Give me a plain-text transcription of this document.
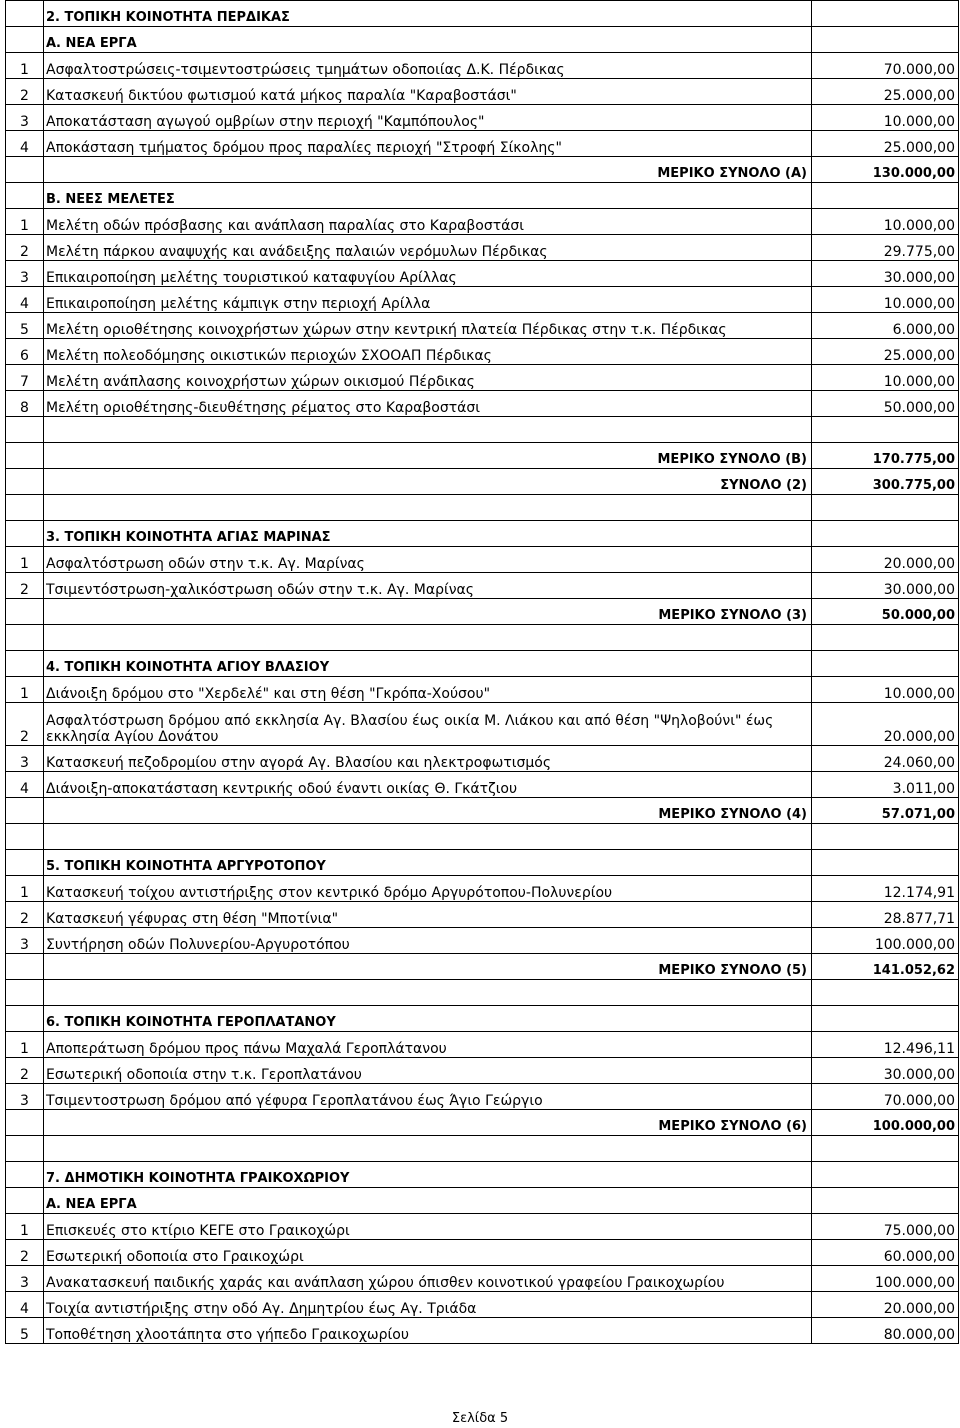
	2. ΤΟΠΙΚΗ ΚΟΙΝΟΤΗΤΑ ΠΕΡΔΙΚΑΣ	
	Α. ΝΕΑ ΕΡΓΑ	
1	Ασφαλτοστρώσεις-τσιμεντοστρώσεις τμημάτων οδοποιίας Δ.Κ. Πέρδικας	70.000,00
2	Κατασκευή δικτύου φωτισμού κατά μήκος παραλία "Καραβοστάσι"	25.000,00
3	Αποκατάσταση αγωγού ομβρίων στην περιοχή "Καμπόπουλος"	10.000,00
4	Αποκάσταση τμήματος δρόμου προς παραλίες περιοχή "Στροφή Σίκολης"	25.000,00
	ΜΕΡΙΚΟ ΣΥΝΟΛΟ (Α)	130.000,00
	Β. ΝΕΕΣ ΜΕΛΕΤΕΣ	
1	Μελέτη οδών πρόσβασης και ανάπλαση παραλίας στο Καραβοστάσι	10.000,00
2	Μελέτη πάρκου αναψυχής και ανάδειξης παλαιών νερόμυλων Πέρδικας	29.775,00
3	Επικαιροποίηση μελέτης τουριστικού καταφυγίου Αρίλλας	30.000,00
4	Επικαιροποίηση μελέτης κάμπιγκ στην περιοχή Αρίλλα	10.000,00
5	Μελέτη οριοθέτησης κοινοχρήστων χώρων στην κεντρική πλατεία Πέρδικας στην τ.κ. Πέρδικας	6.000,00
6	Μελέτη πολεοδόμησης οικιστικών περιοχών ΣΧΟΟΑΠ Πέρδικας	25.000,00
7	Μελέτη ανάπλασης κοινοχρήστων χώρων οικισμού Πέρδικας	10.000,00
8	Μελέτη οριοθέτησης-διευθέτησης ρέματος στο Καραβοστάσι	50.000,00

	ΜΕΡΙΚΟ ΣΥΝΟΛΟ (Β)	170.775,00
	ΣΥΝΟΛΟ (2)	300.775,00

	3. ΤΟΠΙΚΗ ΚΟΙΝΟΤΗΤΑ ΑΓΙΑΣ ΜΑΡΙΝΑΣ	
1	Ασφαλτόστρωση οδών στην τ.κ. Αγ. Μαρίνας	20.000,00
2	Τσιμεντόστρωση-χαλικόστρωση οδών στην τ.κ. Αγ. Μαρίνας	30.000,00
	ΜΕΡΙΚΟ ΣΥΝΟΛΟ (3)	50.000,00

	4. ΤΟΠΙΚΗ ΚΟΙΝΟΤΗΤΑ ΑΓΙΟΥ ΒΛΑΣΙΟΥ	
1	Διάνοιξη δρόμου στο "Χερδελέ" και στη θέση "Γκρόπα-Χούσου"	10.000,00
2	Ασφαλτόστρωση δρόμου από εκκλησία Αγ. Βλασίου έως οικία Μ. Λιάκου και από θέση "Ψηλοβούνι" έως εκκλησία Αγίου Δονάτου	20.000,00
3	Κατασκευή πεζοδρομίου στην αγορά Αγ. Βλασίου και ηλεκτροφωτισμός	24.060,00
4	Διάνοιξη-αποκατάσταση κεντρικής οδού έναντι οικίας Θ. Γκάτζιου	3.011,00
	ΜΕΡΙΚΟ ΣΥΝΟΛΟ (4)	57.071,00

	5. ΤΟΠΙΚΗ ΚΟΙΝΟΤΗΤΑ ΑΡΓΥΡΟΤΟΠΟΥ	
1	Κατασκευή τοίχου αντιστήριξης στον κεντρικό δρόμο Αργυρότοπου-Πολυνερίου	12.174,91
2	Κατασκευή γέφυρας στη θέση "Μποτίνια"	28.877,71
3	Συντήρηση οδών Πολυνερίου-Αργυροτόπου	100.000,00
	ΜΕΡΙΚΟ ΣΥΝΟΛΟ (5)	141.052,62

	6. ΤΟΠΙΚΗ ΚΟΙΝΟΤΗΤΑ ΓΕΡΟΠΛΑΤΑΝΟΥ	
1	Αποπεράτωση δρόμου προς πάνω Μαχαλά Γεροπλάτανου	12.496,11
2	Εσωτερική οδοποιία στην τ.κ. Γεροπλατάνου	30.000,00
3	Τσιμεντοστρωση δρόμου από γέφυρα Γεροπλατάνου έως Άγιο Γεώργιο	70.000,00
	ΜΕΡΙΚΟ ΣΥΝΟΛΟ (6)	100.000,00

	7. ΔΗΜΟΤΙΚΗ ΚΟΙΝΟΤΗΤΑ ΓΡΑΙΚΟΧΩΡΙΟΥ	
	Α. ΝΕΑ ΕΡΓΑ	
1	Επισκευές στο κτίριο ΚΕΓΕ στο Γραικοχώρι	75.000,00
2	Εσωτερική οδοποιία στο Γραικοχώρι	60.000,00
3	Ανακατασκευή παιδικής χαράς και ανάπλαση χώρου όπισθεν κοινοτικού γραφείου Γραικοχωρίου	100.000,00
4	Τοιχία αντιστήριξης στην οδό Αγ. Δημητρίου έως Αγ. Τριάδα	20.000,00
5	Τοποθέτηση χλοοτάπητα στο γήπεδο Γραικοχωρίου	80.000,00
Σελίδα 5
